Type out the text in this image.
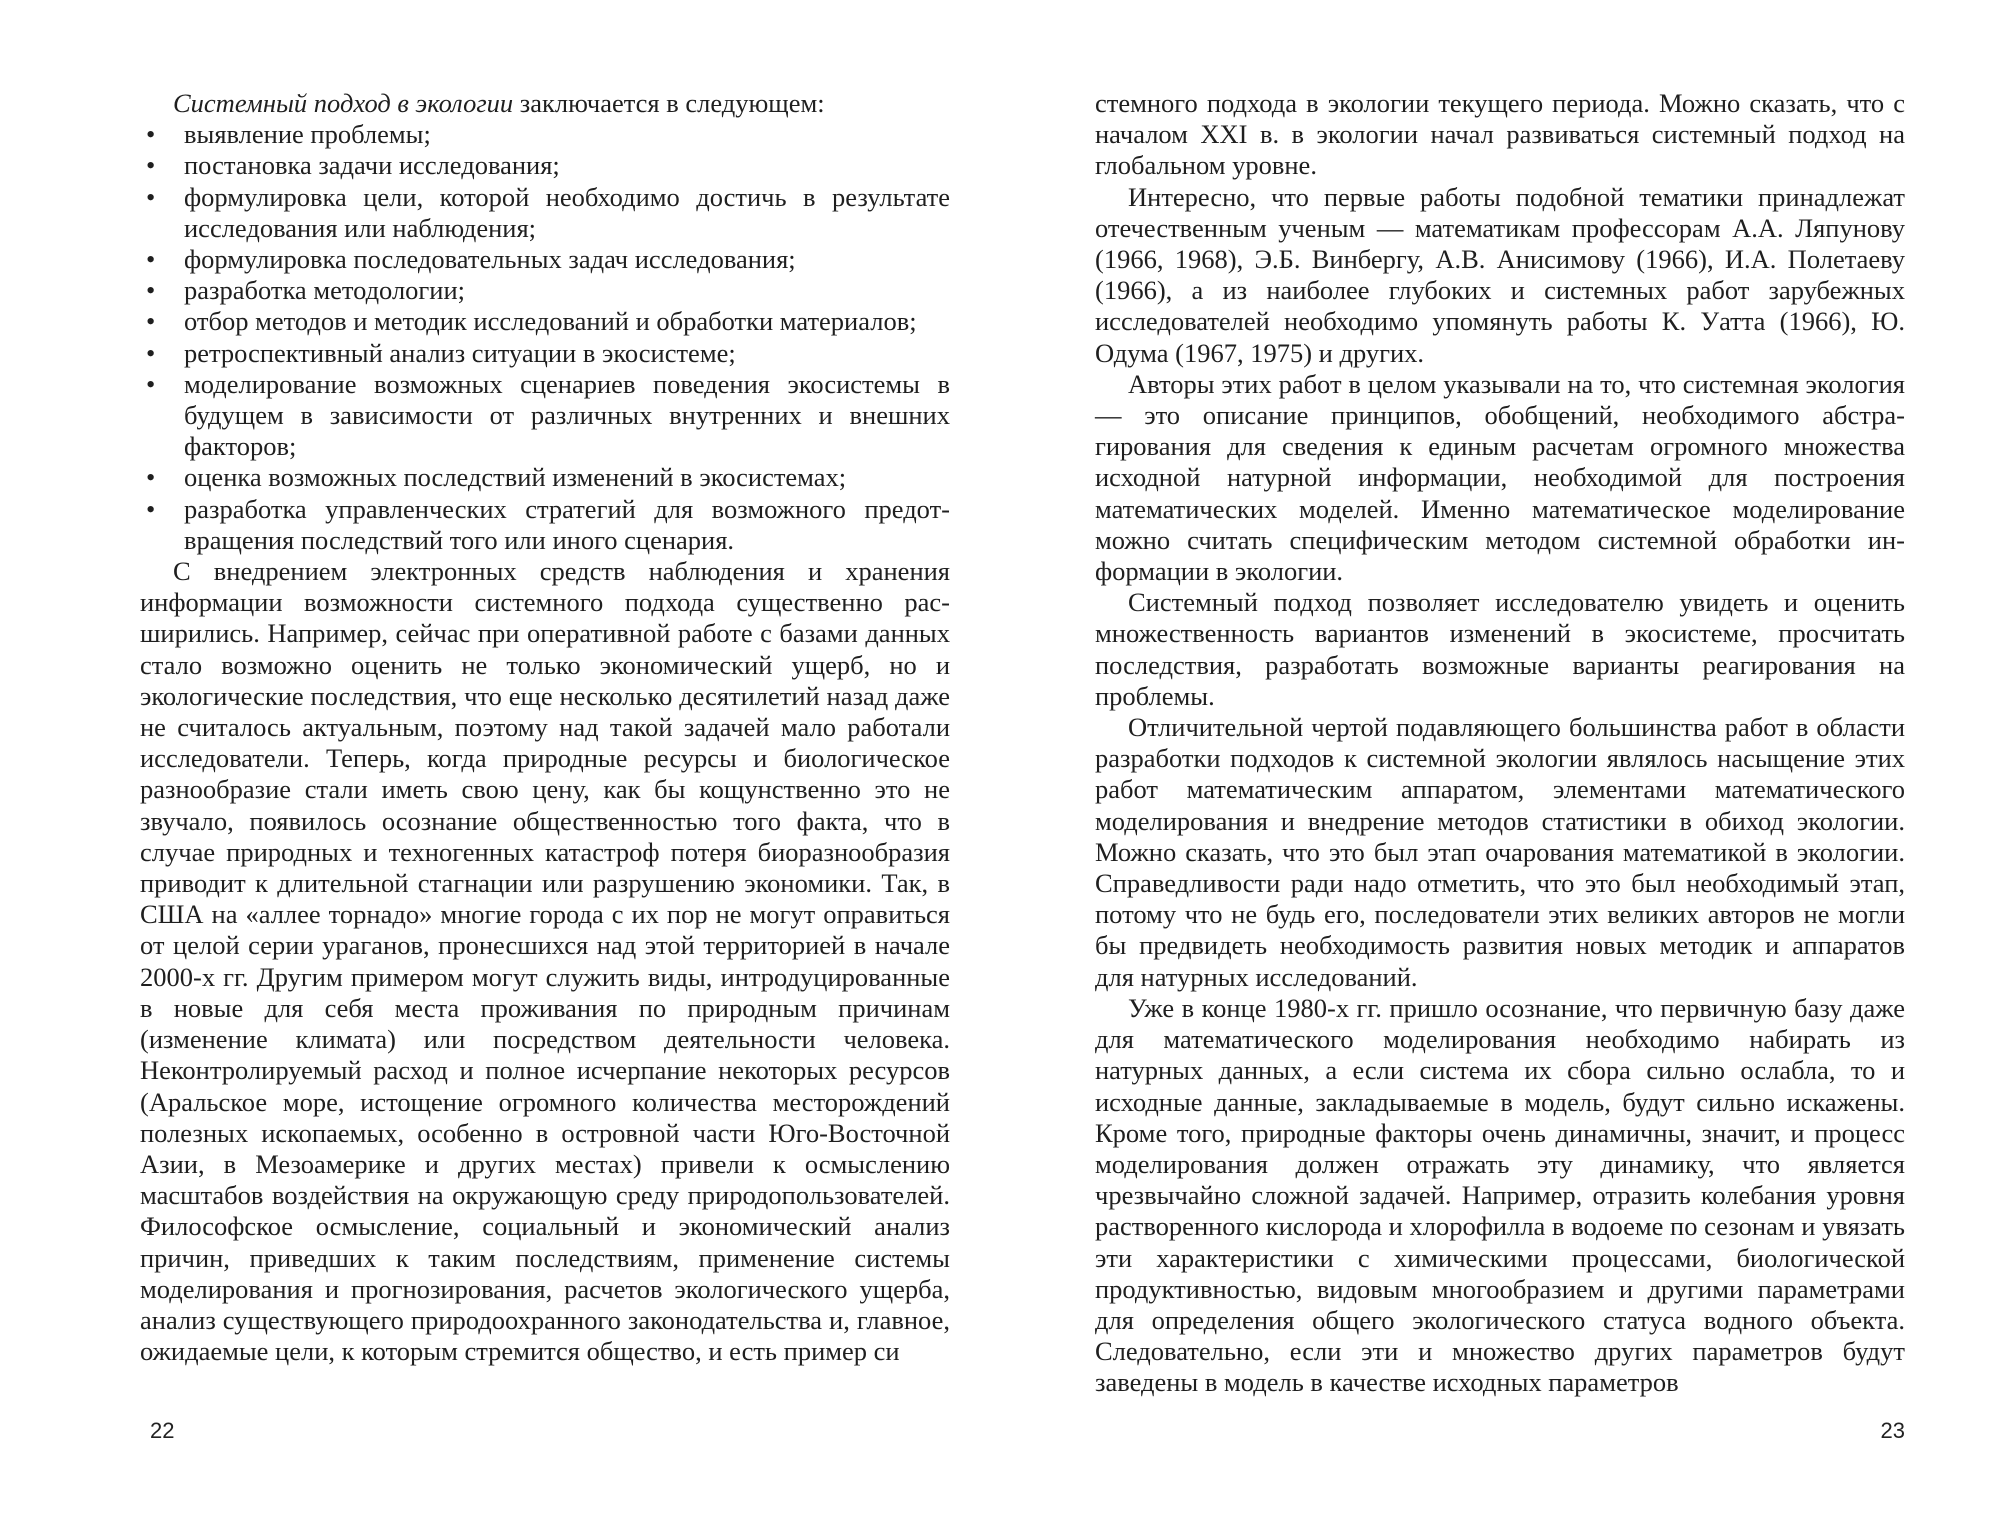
Системный подход в экологии заключается в следующем:

• выявление проблемы;
• постановка задачи исследования;
• формулировка цели, которой необходимо достичь в результате исследования или наблюдения;
• формулировка последовательных задач исследования;
• разработка методологии;
• отбор методов и методик исследований и обработки материалов;
• ретроспективный анализ ситуации в экосистеме;
• моделирование возможных сценариев поведения экосистемы в будущем в зависимости от различных внутренних и внешних факторов;
• оценка возможных последствий изменений в экосистемах;
• разработка управленческих стратегий для возможного предотвращения последствий того или иного сценария.

С внедрением электронных средств наблюдения и хранения информации возможности системного подхода существенно расширились. Например, сейчас при оперативной работе с базами данных стало возможно оценить не только экономический ущерб, но и экологические последствия, что еще несколько десятилетий назад даже не считалось актуальным, поэтому над такой задачей мало работали исследователи. Теперь, когда природные ресурсы и биологическое разнообразие стали иметь свою цену, как бы кощунственно это не звучало, появилось осознание общественностью того факта, что в случае природных и техногенных катастроф потеря биоразнообразия приводит к длительной стагнации или разрушению экономики. Так, в США на «аллее торнадо» многие города с их пор не могут оправиться от целой серии ураганов, пронесшихся над этой территорией в начале 2000-х гг. Другим примером могут служить виды, интродуцированные в новые для себя места проживания по природным причинам (изменение климата) или посредством деятельности человека. Неконтролируемый расход и полное исчерпание некоторых ресурсов (Аральское море, истощение огромного количества месторождений полезных ископаемых, особенно в островной части Юго-Восточной Азии, в Мезоамерике и других местах) привели к осмыслению масштабов воздействия на окружающую среду природопользователей. Философское осмысление, социальный и экономический анализ причин, приведших к таким последствиям, применение системы моделирования и прогнозирования, расчетов экологического ущерба, анализ существующего природоохранного законодательства и, главное, ожидаемые цели, к которым стремится общество, и есть пример си

22

стемного подхода в экологии текущего периода. Можно сказать, что с началом XXI в. в экологии начал развиваться системный подход на глобальном уровне.

Интересно, что первые работы подобной тематики принадлежат отечественным ученым — математикам профессорам А.А. Ляпунову (1966, 1968), Э.Б. Винбергу, А.В. Анисимову (1966), И.А. Полетаеву (1966), а из наиболее глубоких и системных работ зарубежных исследователей необходимо упомянуть работы К. Уатта (1966), Ю. Одума (1967, 1975) и других.

Авторы этих работ в целом указывали на то, что системная экология — это описание принципов, обобщений, необходимого абстрагирования для сведения к единым расчетам огромного множества исходной натурной информации, необходимой для построения математических моделей. Именно математическое моделирование можно считать специфическим методом системной обработки информации в экологии.

Системный подход позволяет исследователю увидеть и оценить множественность вариантов изменений в экосистеме, просчитать последствия, разработать возможные варианты реагирования на проблемы.

Отличительной чертой подавляющего большинства работ в области разработки подходов к системной экологии являлось насыщение этих работ математическим аппаратом, элементами математического моделирования и внедрение методов статистики в обиход экологии. Можно сказать, что это был этап очарования математикой в экологии. Справедливости ради надо отметить, что это был необходимый этап, потому что не будь его, последователи этих великих авторов не могли бы предвидеть необходимость развития новых методик и аппаратов для натурных исследований.

Уже в конце 1980-х гг. пришло осознание, что первичную базу даже для математического моделирования необходимо набирать из натурных данных, а если система их сбора сильно ослабла, то и исходные данные, закладываемые в модель, будут сильно искажены. Кроме того, природные факторы очень динамичны, значит, и процесс моделирования должен отражать эту динамику, что является чрезвычайно сложной задачей. Например, отразить колебания уровня растворенного кислорода и хлорофилла в водоеме по сезонам и увязать эти характеристики с химическими процессами, биологической продуктивностью, видовым многообразием и другими параметрами для определения общего экологического статуса водного объекта. Следовательно, если эти и множество других параметров будут заведены в модель в качестве исходных параметров

23
